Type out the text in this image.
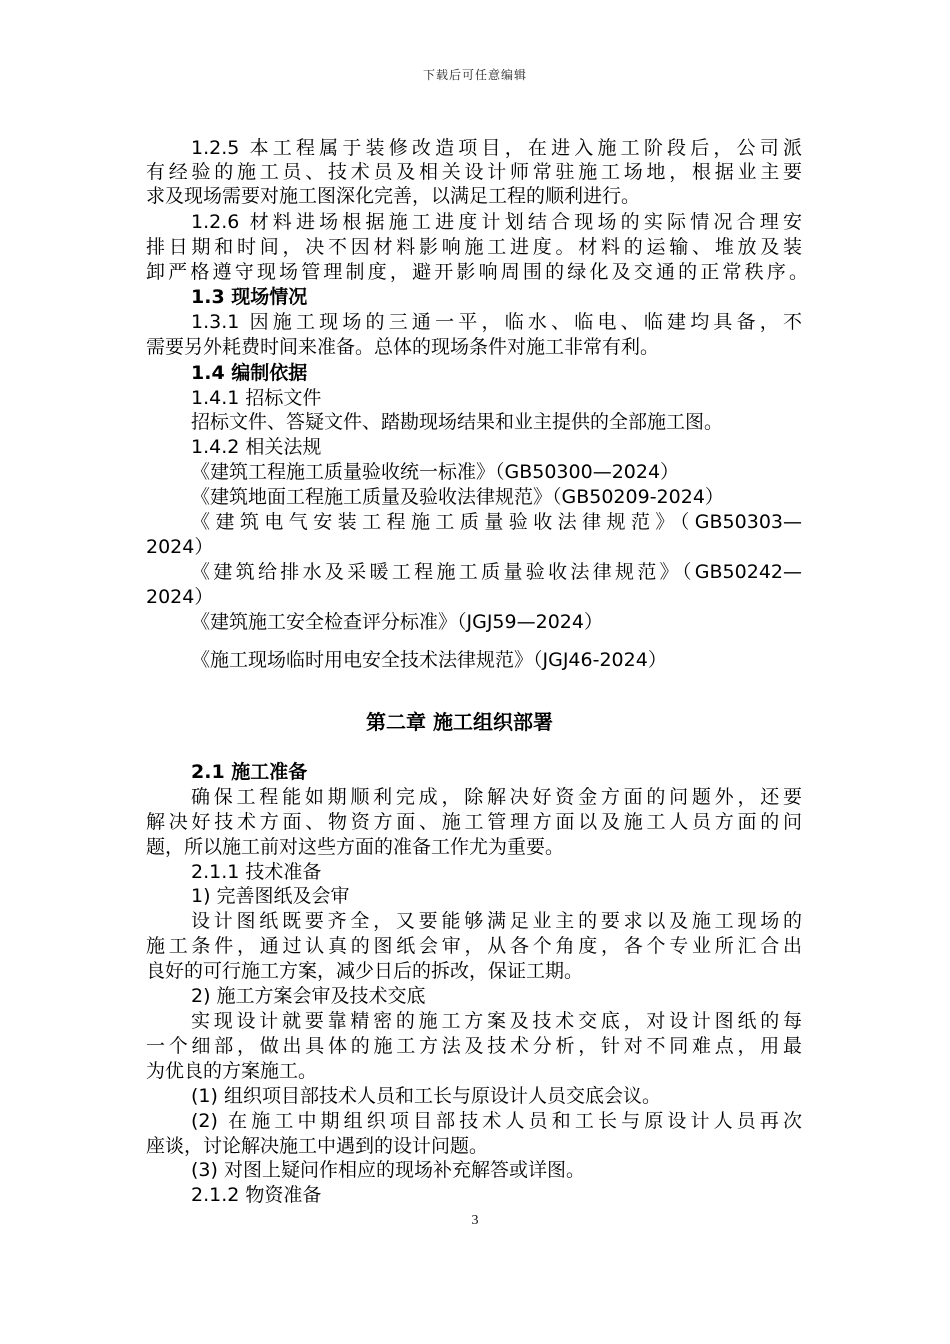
下载后可任意编辑
1.2.5 本工程属于装修改造项目，在进入施工阶段后，公司派
有经验的施工员、技术员及相关设计师常驻施工场地，根据业主要
求及现场需要对施工图深化完善，以满足工程的顺利进行。
1.2.6 材料进场根据施工进度计划结合现场的实际情况合理安
排日期和时间，决不因材料影响施工进度。材料的运输、堆放及装
卸严格遵守现场管理制度，避开影响周围的绿化及交通的正常秩序。
1.3 现场情况
1.3.1 因施工现场的三通一平，临水、临电、临建均具备，不
需要另外耗费时间来准备。总体的现场条件对施工非常有利。
1.4 编制依据
1.4.1 招标文件
招标文件、答疑文件、踏勘现场结果和业主提供的全部施工图。
1.4.2 相关法规
《建筑工程施工质量验收统一标准》（GB50300—2024）
《建筑地面工程施工质量及验收法律规范》（GB50209-2024）
《建筑电气安装工程施工质量验收法律规范》（GB50303—
2024）
《建筑给排水及采暖工程施工质量验收法律规范》（GB50242—
2024）
《建筑施工安全检查评分标准》（JGJ59—2024）
《施工现场临时用电安全技术法律规范》（JGJ46-2024）
第二章 施工组织部署
2.1 施工准备
确保工程能如期顺利完成，除解决好资金方面的问题外，还要
解决好技术方面、物资方面、施工管理方面以及施工人员方面的问
题，所以施工前对这些方面的准备工作尤为重要。
2.1.1 技术准备
1) 完善图纸及会审
设计图纸既要齐全，又要能够满足业主的要求以及施工现场的
施工条件，通过认真的图纸会审，从各个角度，各个专业所汇合出
良好的可行施工方案，减少日后的拆改，保证工期。
2) 施工方案会审及技术交底
实现设计就要靠精密的施工方案及技术交底，对设计图纸的每
一个细部，做出具体的施工方法及技术分析，针对不同难点，用最
为优良的方案施工。
(1) 组织项目部技术人员和工长与原设计人员交底会议。
(2) 在施工中期组织项目部技术人员和工长与原设计人员再次
座谈，讨论解决施工中遇到的设计问题。
(3) 对图上疑问作相应的现场补充解答或详图。
2.1.2 物资准备
3
